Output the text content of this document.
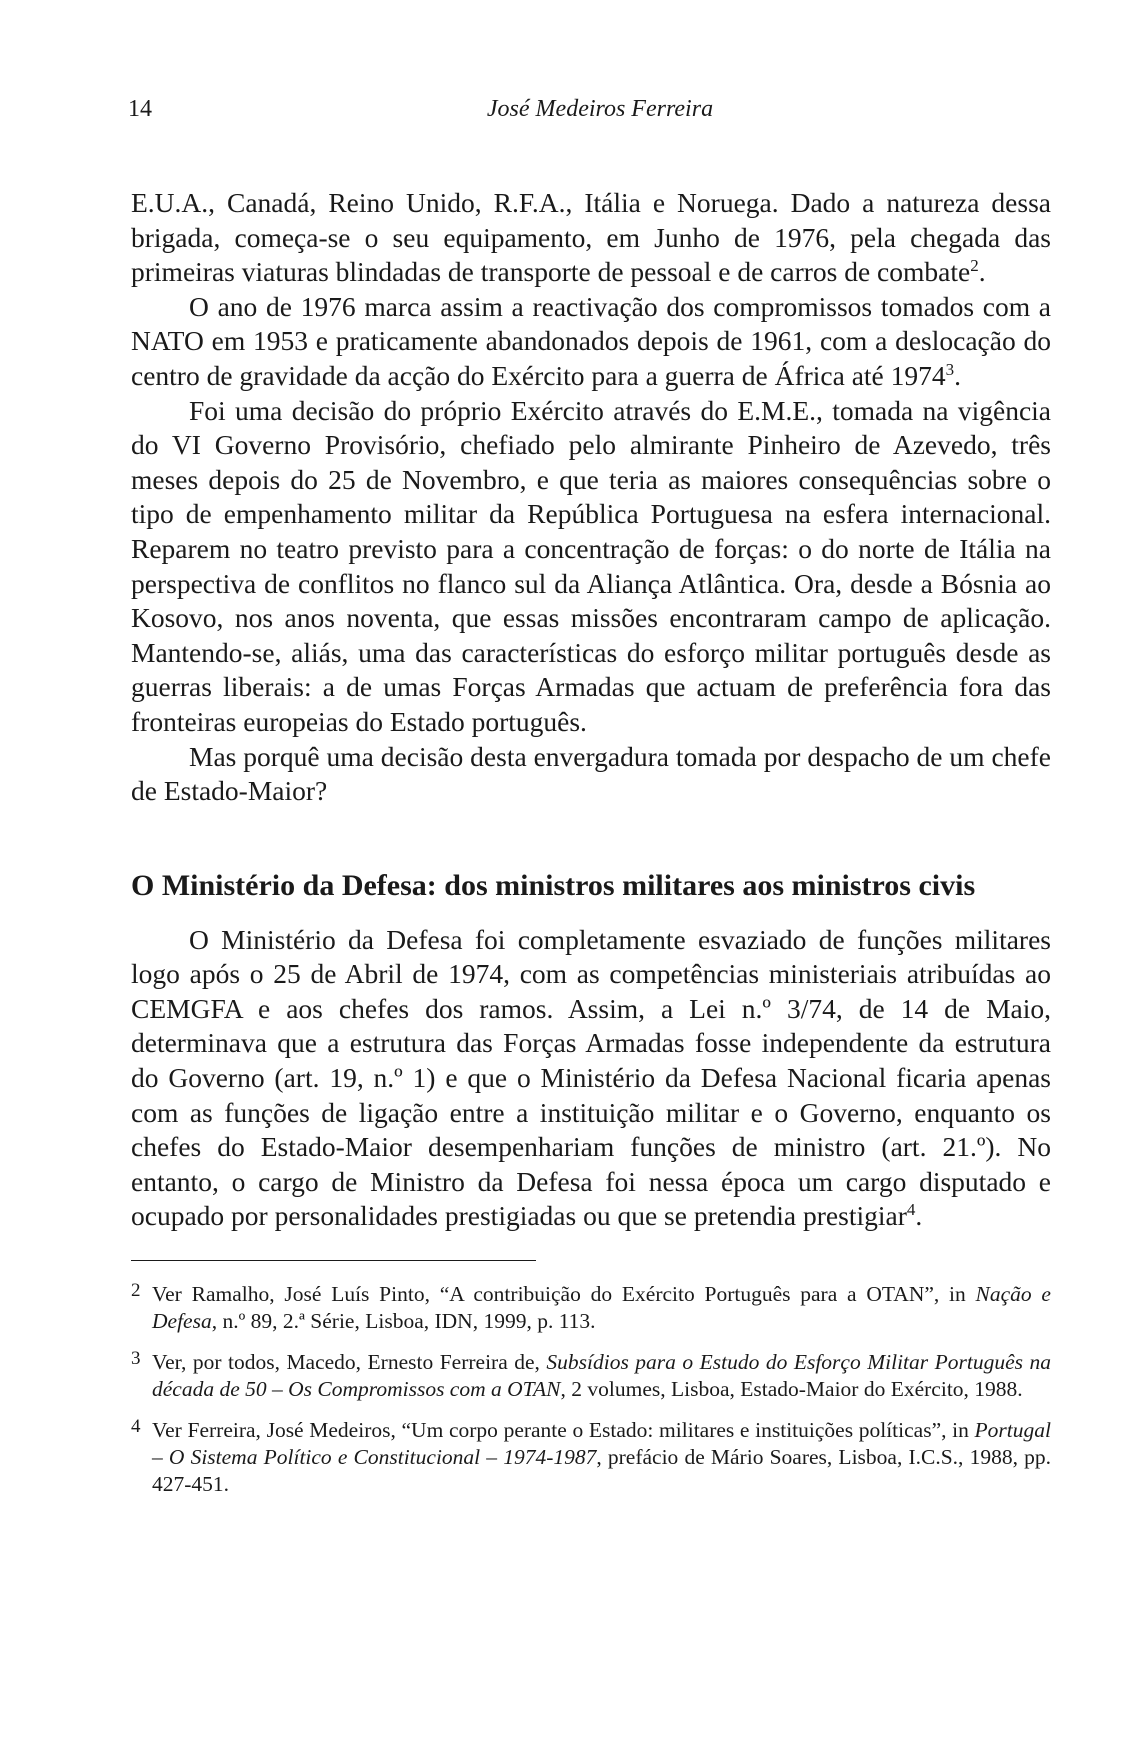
14	José Medeiros Ferreira

E.U.A., Canadá, Reino Unido, R.F.A., Itália e Noruega. Dado a natureza dessa brigada, começa-se o seu equipamento, em Junho de 1976, pela chegada das primeiras viaturas blindadas de transporte de pessoal e de carros de combate$^2$.

O ano de 1976 marca assim a reactivação dos compromissos tomados com a NATO em 1953 e praticamente abandonados depois de 1961, com a deslocação do centro de gravidade da acção do Exército para a guerra de África até 1974$^3$.

Foi uma decisão do próprio Exército através do E.M.E., tomada na vigência do VI Governo Provisório, chefiado pelo almirante Pinheiro de Azevedo, três meses depois do 25 de Novembro, e que teria as maiores consequências sobre o tipo de empenhamento militar da República Portuguesa na esfera internacional. Reparem no teatro previsto para a concentração de forças: o do norte de Itália na perspectiva de conflitos no flanco sul da Aliança Atlântica. Ora, desde a Bósnia ao Kosovo, nos anos noventa, que essas missões encontraram campo de aplicação. Mantendo-se, aliás, uma das características do esforço militar português desde as guerras liberais: a de umas Forças Armadas que actuam de preferência fora das fronteiras europeias do Estado português.

Mas porquê uma decisão desta envergadura tomada por despacho de um chefe de Estado-Maior?

O Ministério da Defesa: dos ministros militares aos ministros civis

O Ministério da Defesa foi completamente esvaziado de funções militares logo após o 25 de Abril de 1974, com as competências ministeriais atribuídas ao CEMGFA e aos chefes dos ramos. Assim, a Lei n.º 3/74, de 14 de Maio, determinava que a estrutura das Forças Armadas fosse independente da estrutura do Governo (art. 19, n.º 1) e que o Ministério da Defesa Nacional ficaria apenas com as funções de ligação entre a instituição militar e o Governo, enquanto os chefes do Estado-Maior desempenhariam funções de ministro (art. 21.º). No entanto, o cargo de Ministro da Defesa foi nessa época um cargo disputado e ocupado por personalidades prestigiadas ou que se pretendia prestigiar$^4$.

2 Ver Ramalho, José Luís Pinto, “A contribuição do Exército Português para a OTAN”, in Nação e Defesa, n.º 89, 2.ª Série, Lisboa, IDN, 1999, p. 113.
3 Ver, por todos, Macedo, Ernesto Ferreira de, Subsídios para o Estudo do Esforço Militar Português na década de 50 – Os Compromissos com a OTAN, 2 volumes, Lisboa, Estado-Maior do Exército, 1988.
4 Ver Ferreira, José Medeiros, “Um corpo perante o Estado: militares e instituições políticas”, in Portugal – O Sistema Político e Constitucional – 1974-1987, prefácio de Mário Soares, Lisboa, I.C.S., 1988, pp. 427-451.
